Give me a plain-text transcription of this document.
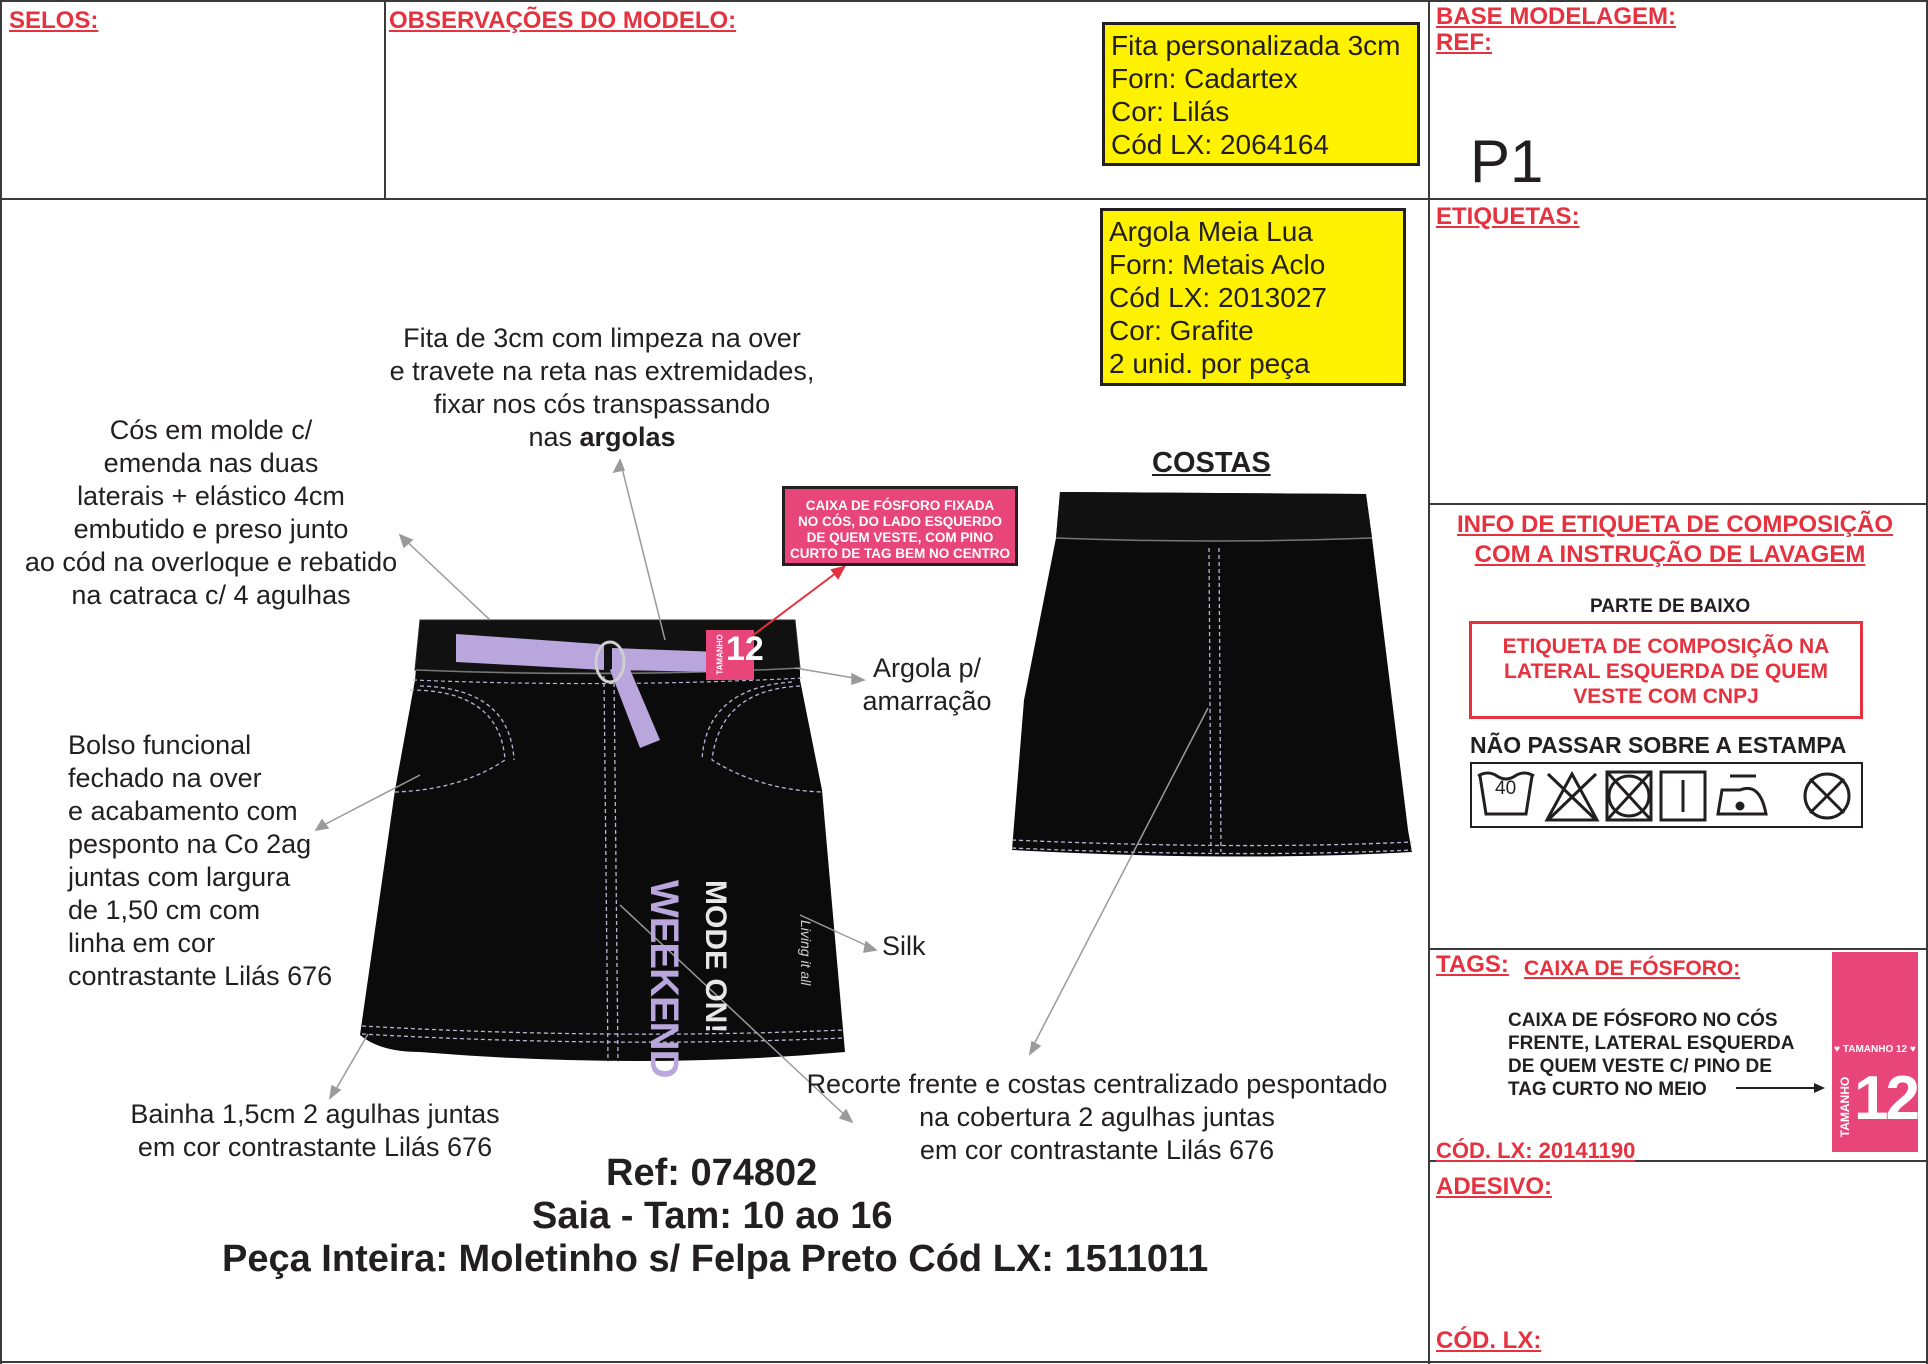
SELOS:	OBSERVAÇÕES DO MODELO:	BASE MODELAGEM:
REF:
P1
Fita personalizada 3cm
Forn: Cadartex
Cor: Lilás
Cód LX: 2064164
Argola Meia Lua
Forn: Metais Aclo
Cód LX: 2013027
Cor: Grafite
2 unid. por peça
ETIQUETAS:
INFO DE ETIQUETA DE COMPOSIÇÃO
COM A INSTRUÇÃO DE LAVAGEM
PARTE DE BAIXO
ETIQUETA DE COMPOSIÇÃO NA
LATERAL ESQUERDA DE QUEM
VESTE COM CNPJ
NÃO PASSAR SOBRE A ESTAMPA
40
TAGS: CAIXA DE FÓSFORO:
CAIXA DE FÓSFORO NO CÓS
FRENTE, LATERAL ESQUERDA
DE QUEM VESTE C/ PINO DE
TAG CURTO NO MEIO
♥ TAMANHO 12 ♥
TAMANHO 12
CÓD. LX: 20141190
ADESIVO:
CÓD. LX:
COSTAS
12
TAMANHO
WEEKEND MODE ON!	Living it all
CAIXA DE FÓSFORO FIXADA
NO CÓS, DO LADO ESQUERDO
DE QUEM VESTE, COM PINO
CURTO DE TAG BEM NO CENTRO
Fita de 3cm com limpeza na over
e travete na reta nas extremidades,
fixar nos cós transpassando
nas argolas
Cós em molde c/
emenda nas duas
laterais + elástico 4cm
embutido e preso junto
ao cód na overloque e rebatido
na catraca c/ 4 agulhas
Argola p/
amarração
Bolso funcional
fechado na over
e acabamento com
pesponto na Co 2ag
juntas com largura
de 1,50 cm com
linha em cor
contrastante Lilás 676
Silk
Bainha 1,5cm 2 agulhas juntas
em cor contrastante Lilás 676
Recorte frente e costas centralizado pespontado
na cobertura 2 agulhas juntas
em cor contrastante Lilás 676
Ref: 074802
Saia - Tam: 10 ao 16
Peça Inteira: Moletinho s/ Felpa Preto Cód LX: 1511011
